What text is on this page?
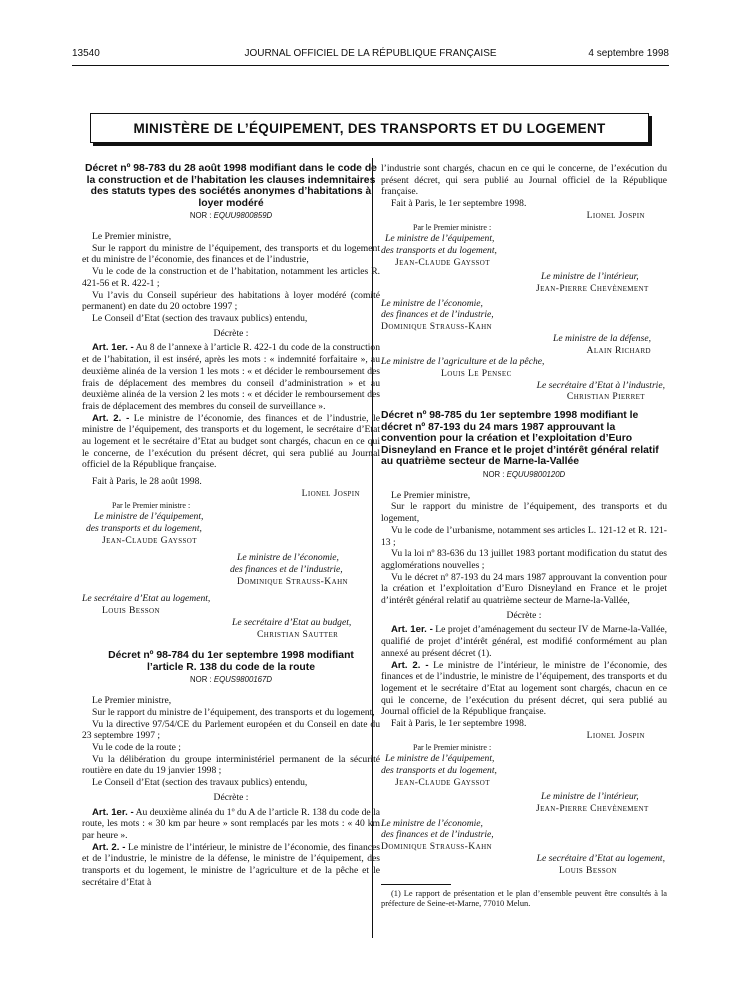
13540	JOURNAL OFFICIEL DE LA RÉPUBLIQUE FRANÇAISE	4 septembre 1998
MINISTÈRE DE L’ÉQUIPEMENT, DES TRANSPORTS ET DU LOGEMENT
Décret nº 98-783 du 28 août 1998 modifiant dans le code de la construction et de l’habitation les clauses indemnitaires des statuts types des sociétés anonymes d’habitations à loyer modéré
NOR : EQUU9800859D

Le Premier ministre,

Sur le rapport du ministre de l’équipement, des transports et du logement et du ministre de l’économie, des finances et de l’industrie,

Vu le code de la construction et de l’habitation, notamment les articles R. 421-56 et R. 422-1 ;

Vu l’avis du Conseil supérieur des habitations à loyer modéré (comité permanent) en date du 20 octobre 1997 ;

Le Conseil d’Etat (section des travaux publics) entendu,

Décrète :

Art. 1er. - Au 8 de l’annexe à l’article R. 422-1 du code de la construction et de l’habitation, il est inséré, après les mots : « indemnité forfaitaire », au deuxième alinéa de la version 1 les mots : « et décider le remboursement des frais de déplacement des membres du conseil d’administration » et au deuxième alinéa de la version 2 les mots : « et décider le remboursement des frais de déplacement des membres du conseil de surveillance ».

Art. 2. - Le ministre de l’économie, des finances et de l’industrie, le ministre de l’équipement, des transports et du logement, le secrétaire d’Etat au logement et le secrétaire d’Etat au budget sont chargés, chacun en ce qui le concerne, de l’exécution du présent décret, qui sera publié au Journal officiel de la République française.

Fait à Paris, le 28 août 1998.

Lionel Jospin
Par le Premier ministre :
Le ministre de l’équipement,
des transports et du logement,
Jean-Claude Gayssot
Le ministre de l’économie,
des finances et de l’industrie,
Dominique Strauss-Kahn
Le secrétaire d’Etat au logement,
Louis Besson
Le secrétaire d’Etat au budget,
Christian Sautter
Décret nº 98-784 du 1er septembre 1998 modifiant l’article R. 138 du code de la route
NOR : EQUS9800167D

Le Premier ministre,

Sur le rapport du ministre de l’équipement, des transports et du logement,

Vu la directive 97/54/CE du Parlement européen et du Conseil en date du 23 septembre 1997 ;

Vu le code de la route ;

Vu la délibération du groupe interministériel permanent de la sécurité routière en date du 19 janvier 1998 ;

Le Conseil d’Etat (section des travaux publics) entendu,

Décrète :

Art. 1er. - Au deuxième alinéa du 1º du A de l’article R. 138 du code de la route, les mots : « 30 km par heure » sont remplacés par les mots : « 40 km par heure ».

Art. 2. - Le ministre de l’intérieur, le ministre de l’économie, des finances et de l’industrie, le ministre de la défense, le ministre de l’équipement, des transports et du logement, le ministre de l’agriculture et de la pêche et le secrétaire d’Etat à

l’industrie sont chargés, chacun en ce qui le concerne, de l’exécution du présent décret, qui sera publié au Journal officiel de la République française.

Fait à Paris, le 1er septembre 1998.

Lionel Jospin
Par le Premier ministre :
Le ministre de l’équipement,
des transports et du logement,
Jean-Claude Gayssot
Le ministre de l’intérieur,
Jean-Pierre Chevènement
Le ministre de l’économie,
des finances et de l’industrie,
Dominique Strauss-Kahn
Le ministre de la défense,
Alain Richard
Le ministre de l’agriculture et de la pêche,
Louis Le Pensec
Le secrétaire d’Etat à l’industrie,
Christian Pierret
Décret nº 98-785 du 1er septembre 1998 modifiant le décret nº 87-193 du 24 mars 1987 approuvant la convention pour la création et l’exploitation d’Euro Disneyland en France et le projet d’intérêt général relatif au quatrième secteur de Marne-la-Vallée
NOR : EQUU9800120D

Le Premier ministre,

Sur le rapport du ministre de l’équipement, des transports et du logement,

Vu le code de l’urbanisme, notamment ses articles L. 121-12 et R. 121-13 ;

Vu la loi nº 83-636 du 13 juillet 1983 portant modification du statut des agglomérations nouvelles ;

Vu le décret nº 87-193 du 24 mars 1987 approuvant la convention pour la création et l’exploitation d’Euro Disneyland en France et le projet d’intérêt général relatif au quatrième secteur de Marne-la-Vallée,

Décrète :

Art. 1er. - Le projet d’aménagement du secteur IV de Marne-la-Vallée, qualifié de projet d’intérêt général, est modifié conformément au plan annexé au présent décret (1).

Art. 2. - Le ministre de l’intérieur, le ministre de l’économie, des finances et de l’industrie, le ministre de l’équipement, des transports et du logement et le secrétaire d’Etat au logement sont chargés, chacun en ce qui le concerne, de l’exécution du présent décret, qui sera publié au Journal officiel de la République française.

Fait à Paris, le 1er septembre 1998.

Lionel Jospin
Par le Premier ministre :
Le ministre de l’équipement,
des transports et du logement,
Jean-Claude Gayssot
Le ministre de l’intérieur,
Jean-Pierre Chevènement
Le ministre de l’économie,
des finances et de l’industrie,
Dominique Strauss-Kahn
Le secrétaire d’Etat au logement,
Louis Besson
(1) Le rapport de présentation et le plan d’ensemble peuvent être consultés à la préfecture de Seine-et-Marne, 77010 Melun.
